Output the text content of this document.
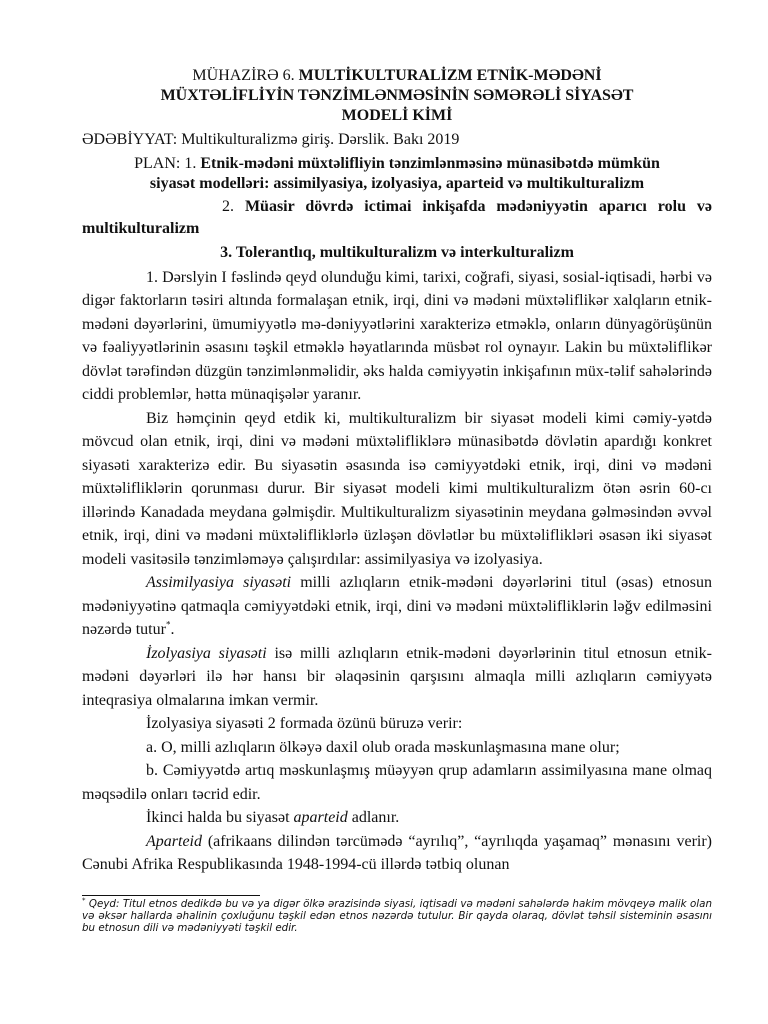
MÜHAZİRƏ 6. MULTİKULTURALİZM ETNİK-MƏDƏNİ
MÜXTƏLİFLİYİN TƏNZİMLƏNMƏSİNİN SƏMƏRƏLİ SİYASƏT
MODELİ KİMİ

ƏDƏBİYYAT: Multikulturalizmə giriş. Dərslik. Bakı 2019

PLAN: 1. Etnik-mədəni müxtəlifliyin tənzimlənməsinə münasibətdə mümkün
siyasət modelləri: assimilyasiya, izolyasiya, aparteid və multikulturalizm
2. Müasir dövrdə ictimai inkişafda mədəniyyətin aparıcı rolu və multikulturalizm
3. Tolerantlıq, multikulturalizm və interkulturalizm

1. Dərslyin I fəslində qeyd olunduğu kimi, tarixi, coğrafi, siyasi, sosial-iqtisadi, hərbi və digər faktorların təsiri altında formalaşan etnik, irqi, dini və mədəni müxtəliflikər xalqların etnik-mədəni dəyərlərini, ümumiyyətlə mə-dəniyyətlərini xarakterizə etməklə, onların dünyagörüşünün və fəaliyyətlərinin əsasını təşkil etməklə həyatlarında müsbət rol oynayır. Lakin bu müxtəliflikər dövlət tərəfindən düzgün tənzimlənməlidir, əks halda cəmiyyətin inkişafının müx-təlif sahələrində ciddi problemlər, hətta münaqişələr yaranır.

Biz həmçinin qeyd etdik ki, multikulturalizm bir siyasət modeli kimi cəmiy-yətdə mövcud olan etnik, irqi, dini və mədəni müxtəlifliklərə münasibətdə dövlətin apardığı konkret siyasəti xarakterizə edir. Bu siyasətin əsasında isə cəmiyyətdəki etnik, irqi, dini və mədəni müxtəlifliklərin qorunması durur. Bir siyasət modeli kimi multikulturalizm ötən əsrin 60-cı illərində Kanadada meydana gəlmişdir. Multikulturalizm siyasətinin meydana gəlməsindən əvvəl etnik, irqi, dini və mədəni müxtəlifliklərlə üzləşən dövlətlər bu müxtəliflikləri əsasən iki siyasət modeli vasitəsilə tənzimləməyə çalışırdılar: assimilyasiya və izolyasiya.

Assimilyasiya siyasəti milli azlıqların etnik-mədəni dəyərlərini titul (əsas) etnosun mədəniyyətinə qatmaqla cəmiyyətdəki etnik, irqi, dini və mədəni müxtəlifliklərin ləğv edilməsini nəzərdə tutur*.

İzolyasiya siyasəti isə milli azlıqların etnik-mədəni dəyərlərinin titul etnosun etnik-mədəni dəyərləri ilə hər hansı bir əlaqəsinin qarşısını almaqla milli azlıqların cəmiyyətə inteqrasiya olmalarına imkan vermir.

İzolyasiya siyasəti 2 formada özünü büruzə verir:

a. O, milli azlıqların ölkəyə daxil olub orada məskunlaşmasına mane olur;

b. Cəmiyyətdə artıq məskunlaşmış müəyyən qrup adamların assimilyasına mane olmaq məqsədilə onları təcrid edir.

İkinci halda bu siyasət aparteid adlanır.

Aparteid (afrikaans dilindən tərcümədə “ayrılıq”, “ayrılıqda yaşamaq” mənasını verir) Cənubi Afrika Respublikasında 1948-1994-cü illərdə tətbiq olunan

* Qeyd: Titul etnos dedikdə bu və ya digər ölkə ərazisində siyasi, iqtisadi və mədəni sahələrdə hakim mövqeyə malik olan və əksər hallarda əhalinin çoxluğunu təşkil edən etnos nəzərdə tutulur. Bir qayda olaraq, dövlət təhsil sisteminin əsasını bu etnosun dili və mədəniyyəti təşkil edir.
